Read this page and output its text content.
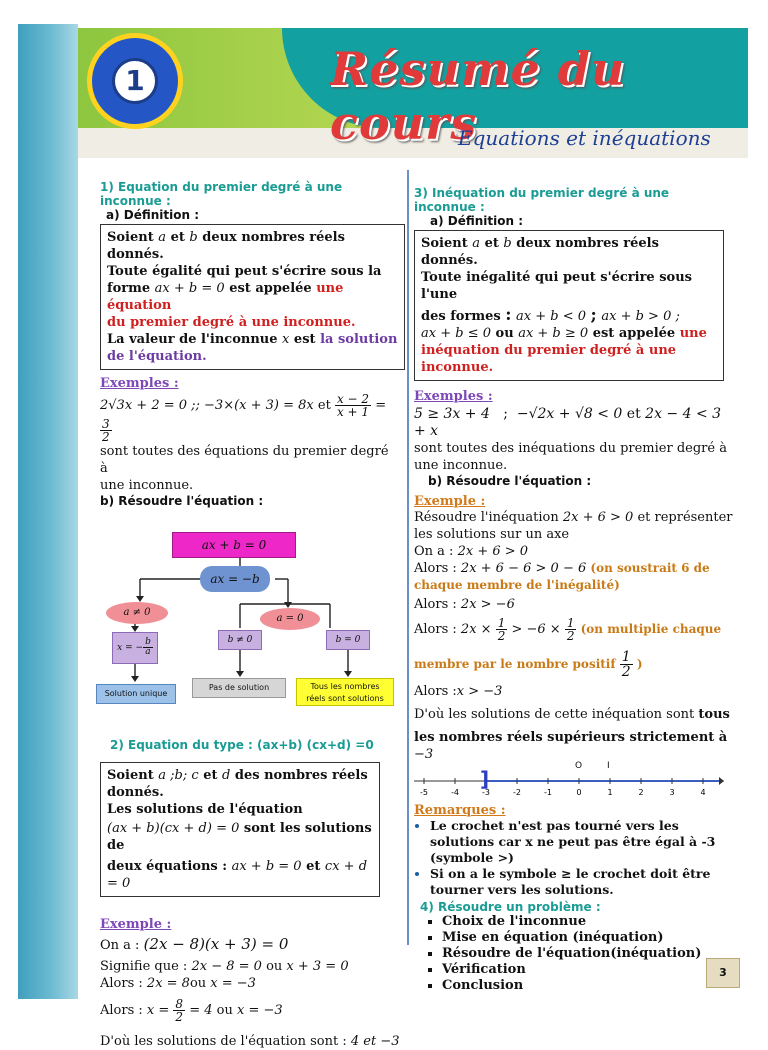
1	Résumé du cours
Equations et inéquations

1) Equation du premier degré à une inconnue :

a) Définition :

Soient a et b deux nombres réels donnés.
Toute égalité qui peut s'écrire sous la
forme ax + b = 0 est appelée une équation
du premier degré à une inconnue.
La valeur de l'inconnue x est la solution
de l'équation.

Exemples :

2√3x + 2 = 0 ;; −3×(x + 3) = 8x et $\frac{x - 2}{x + 1}$ =
$\frac{3}{2}$

sont toutes des équations du premier degré à

une inconnue.

b) Résoudre l'équation :

ax + b = 0
ax = −b
a ≠ 0
a = 0
x = − $\frac{b}{a}$	b ≠ 0	b = 0
Solution unique
Pas de solution	Tous les nombres
réels sont solutions

2) Equation du type : (ax+b) (cx+d) =0

Soient a ;b; c et d des nombres réels
donnés.
Les solutions de l'équation
(ax + b)(cx + d) = 0 sont les solutions de
deux équations : ax + b = 0 et cx + d = 0

Exemple :

On a : (2x − 8)(x + 3) = 0
Signifie que : 2x − 8 = 0 ou x + 3 = 0
Alors : 2x = 8ou x = −3
Alors : $x = \frac{8}{2} = 4$ ou x = −3
D'où les solutions de l'équation sont : 4 et −3

3) Inéquation du premier degré à une inconnue :

a) Définition :

Soient a et b deux nombres réels donnés.
Toute inégalité qui peut s'écrire sous l'une
des formes : ax + b < 0 ; ax + b > 0 ;
ax + b ≤ 0 ou ax + b ≥ 0 est appelée une
inéquation du premier degré à une
inconnue.

Exemples :

5 ≥ 3x + 4 ; −√2x + √8 < 0 et 2x − 4 < 3 + x

sont toutes des inéquations du premier degré à

une inconnue.

b) Résoudre l'équation :

Exemple :

Résoudre l'inéquation 2x + 6 > 0 et représenter

les solutions sur un axe

On a : 2x + 6 > 0
Alors : 2x + 6 − 6 > 0 − 6 (on soustrait 6 de

chaque membre de l'inégalité)

Alors : 2x > −6
Alors : $2x \times \frac{1}{2} > -6 \times \frac{1}{2} (on$ multiplie chaque
membre par le nombre positif $\frac{1}{2}$ )
Alors :x > −3
D'où les solutions de cette inéquation sont tous
les nombres réels supérieurs strictement à −3
-5	-4	-3	-2	-1	0	1	2	3	4
]
O	I

Remarques :

• Le crochet n'est pas tourné vers les solutions car x ne peut pas être égal à -3 (symbole >)
• Si on a le symbole ≥ le crochet doit être tourner vers les solutions.

4) Résoudre un problème :

▪ Choix de l'inconnue
▪ Mise en équation (inéquation)
▪ Résoudre de l'équation(inéquation)
▪ Vérification
▪ Conclusion
3
